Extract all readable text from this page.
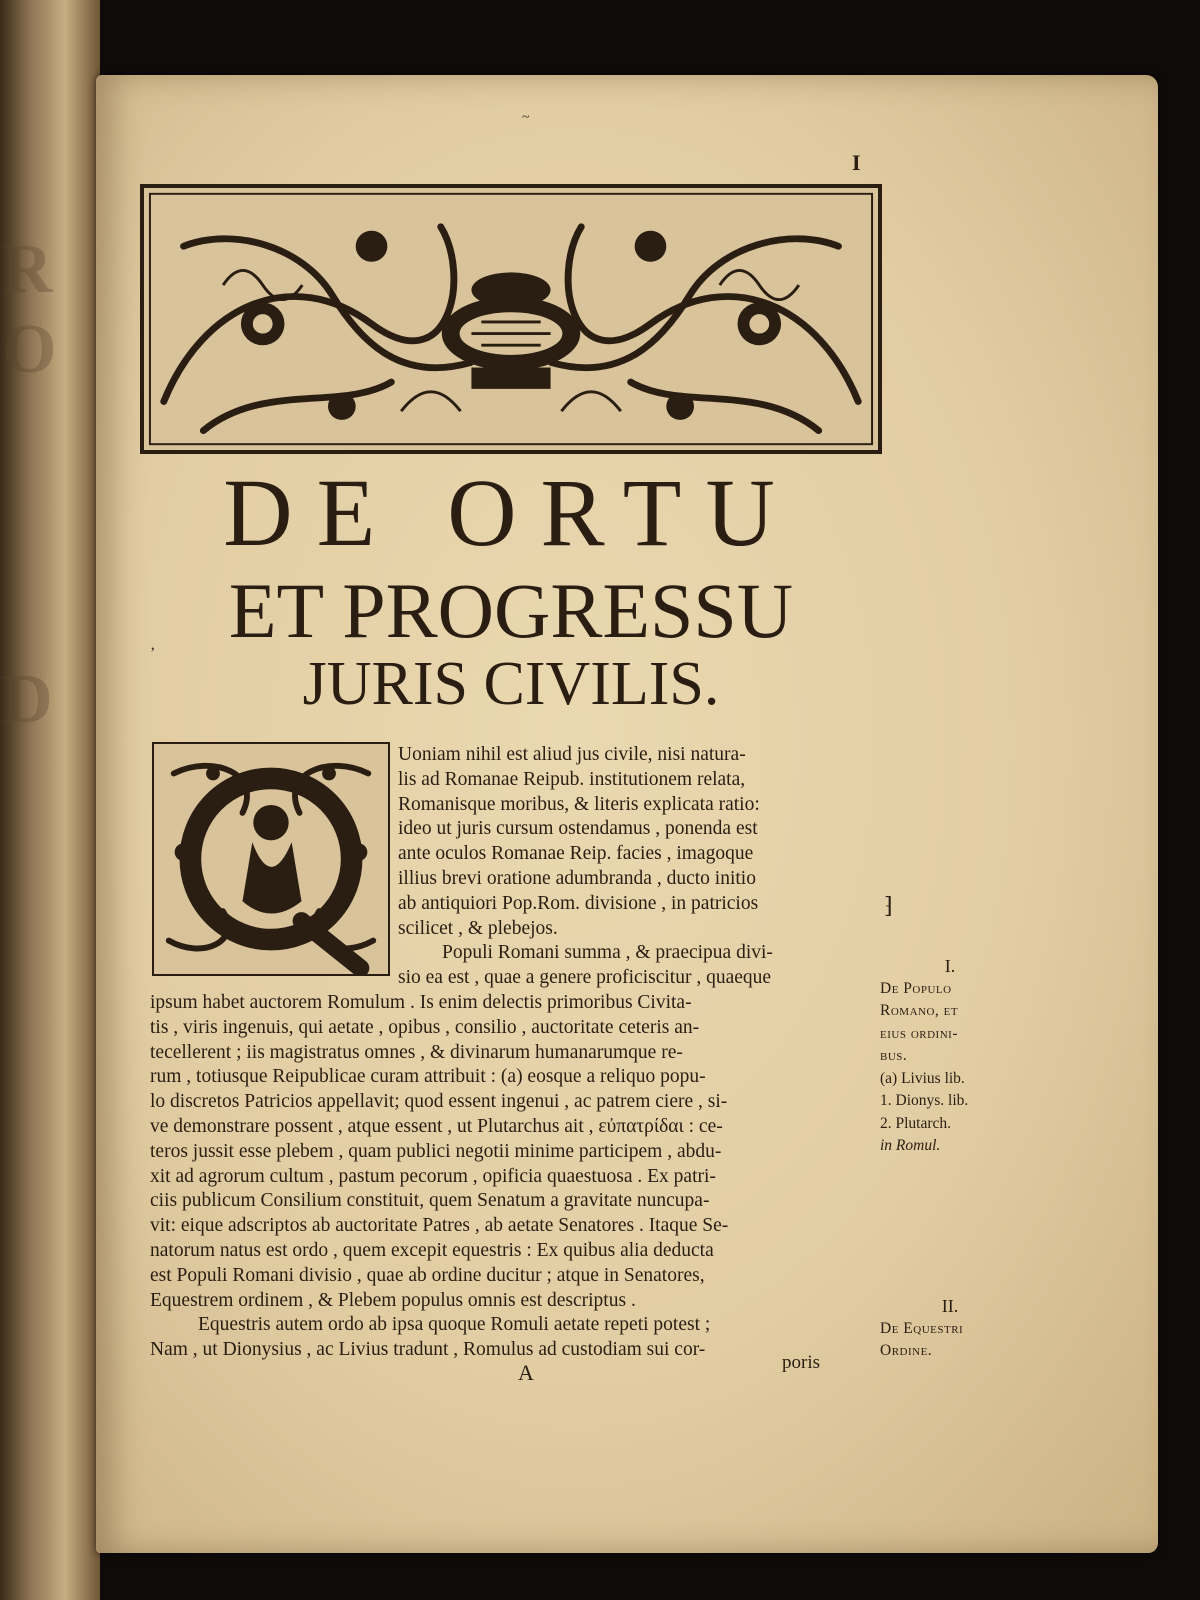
R
O
D
~
I
DE ORTU
ET PROGRESSU
JURIS CIVILIS.
ʼ
Uoniam nihil est aliud jus civile, nisi natura-
lis ad Romanae Reipub. institutionem relata,
Romanisque moribus, & literis explicata ratio:
ideo ut juris cursum ostendamus , ponenda est
ante oculos Romanae Reip. facies , imagoque
illius brevi oratione adumbranda , ducto initio
ab antiquiori Pop.Rom. divisione , in patricios
scilicet , & plebejos.
Populi Romani summa , & praecipua divi-
sio ea est , quae a genere proficiscitur , quaeque
ipsum habet auctorem Romulum . Is enim delectis primoribus Civita-
tis , viris ingenuis, qui aetate , opibus , consilio , auctoritate ceteris an-
tecellerent ; iis magistratus omnes , & divinarum humanarumque re-
rum , totiusque Reipublicae curam attribuit : (a) eosque a reliquo popu-
lo discretos Patricios appellavit; quod essent ingenui , ac patrem ciere , si-
ve demonstrare possent , atque essent , ut Plutarchus ait , εὐπατρίδαι : ce-
teros jussit esse plebem , quam publici negotii minime participem , abdu-
xit ad agrorum cultum , pastum pecorum , opificia quaestuosa . Ex patri-
ciis publicum Consilium constituit, quem Senatum a gravitate nuncupa-
vit: eique adscriptos ab auctoritate Patres , ab aetate Senatores . Itaque Se-
natorum natus est ordo , quem excepit equestris : Ex quibus alia deducta
est Populi Romani divisio , quae ab ordine ducitur ; atque in Senatores,
Equestrem ordinem , & Plebem populus omnis est descriptus .
Equestris autem ordo ab ipsa quoque Romuli aetate repeti potest ;
Nam , ut Dionysius , ac Livius tradunt , Romulus ad custodiam sui cor-
A	poris
⁆
I.
De Populo
Romano, et
eius ordini-
bus.
(a) Livius lib.
1. Dionys. lib.
2. Plutarch.
in Romul.
II.
De Equestri
Ordine.
